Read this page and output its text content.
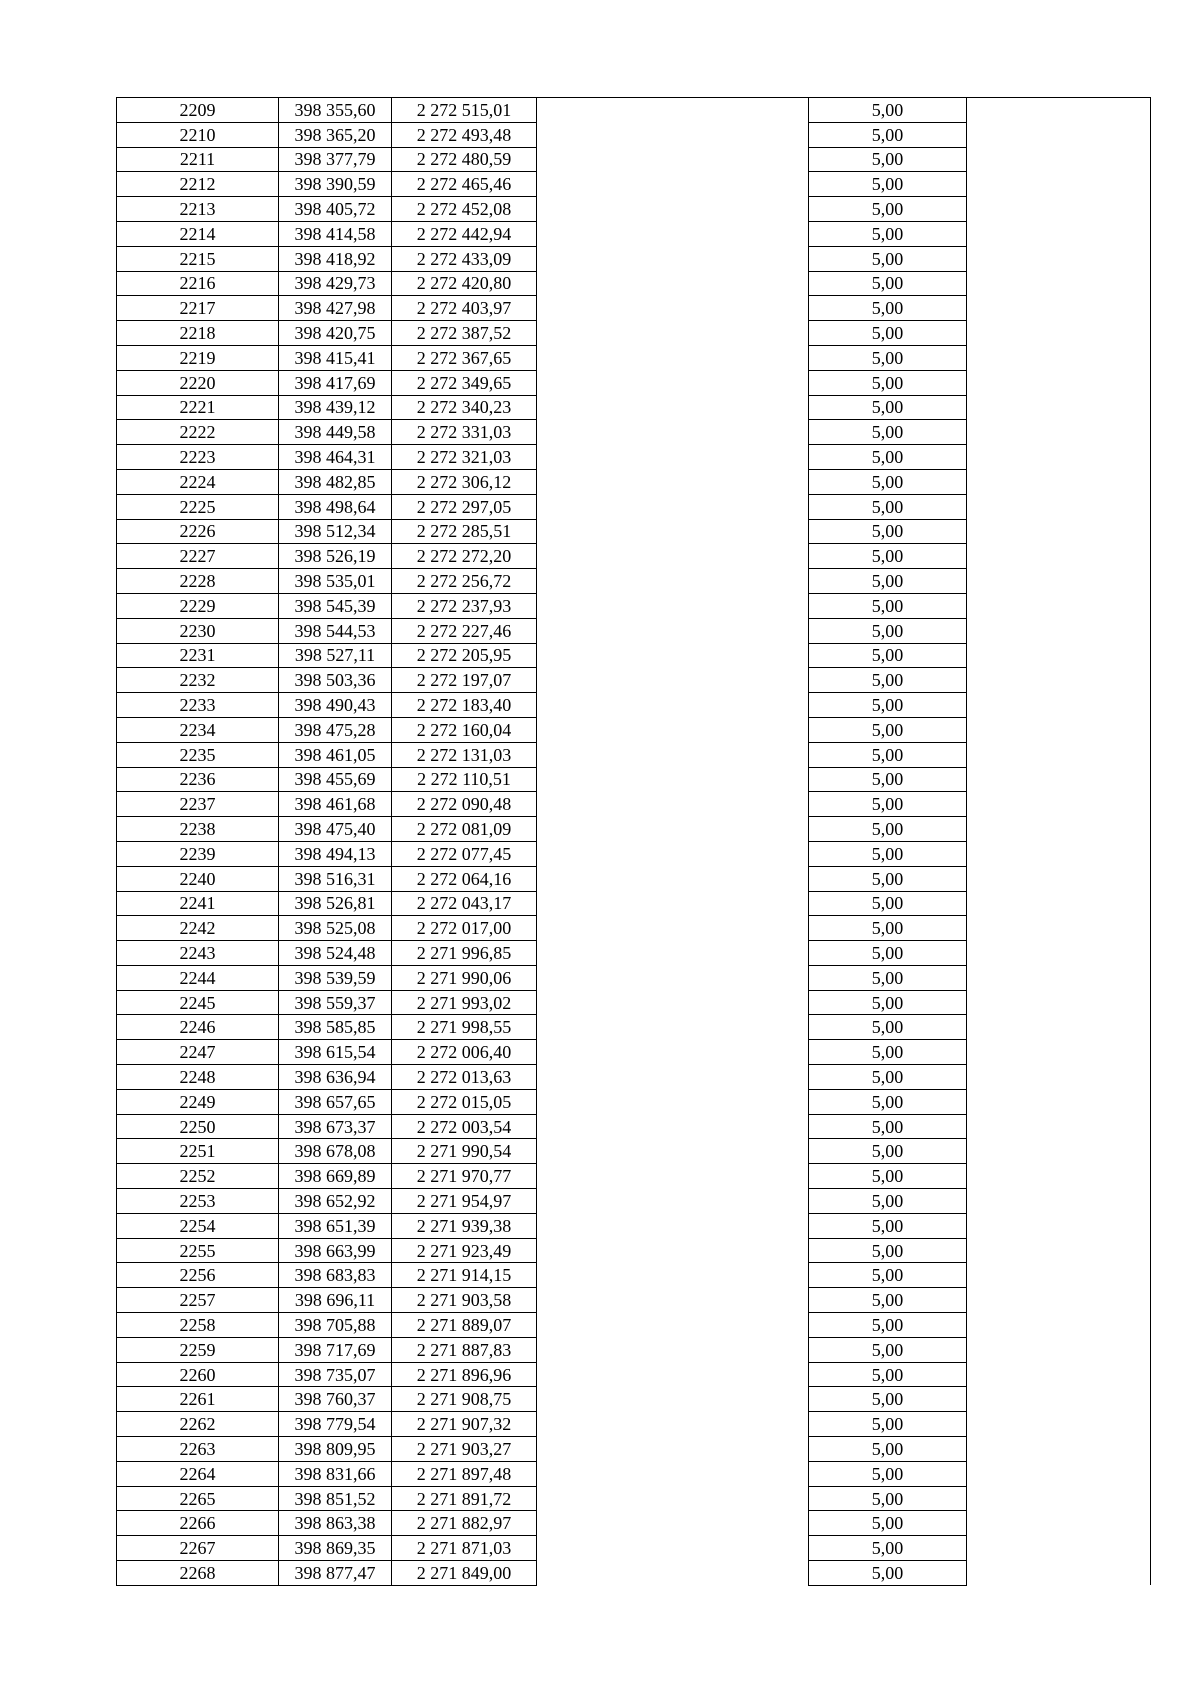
2209	398 355,60	2 272 515,01		5,00	
2210	398 365,20	2 272 493,48		5,00	
2211	398 377,79	2 272 480,59		5,00	
2212	398 390,59	2 272 465,46		5,00	
2213	398 405,72	2 272 452,08		5,00	
2214	398 414,58	2 272 442,94		5,00	
2215	398 418,92	2 272 433,09		5,00	
2216	398 429,73	2 272 420,80		5,00	
2217	398 427,98	2 272 403,97		5,00	
2218	398 420,75	2 272 387,52		5,00	
2219	398 415,41	2 272 367,65		5,00	
2220	398 417,69	2 272 349,65		5,00	
2221	398 439,12	2 272 340,23		5,00	
2222	398 449,58	2 272 331,03		5,00	
2223	398 464,31	2 272 321,03		5,00	
2224	398 482,85	2 272 306,12		5,00	
2225	398 498,64	2 272 297,05		5,00	
2226	398 512,34	2 272 285,51		5,00	
2227	398 526,19	2 272 272,20		5,00	
2228	398 535,01	2 272 256,72		5,00	
2229	398 545,39	2 272 237,93		5,00	
2230	398 544,53	2 272 227,46		5,00	
2231	398 527,11	2 272 205,95		5,00	
2232	398 503,36	2 272 197,07		5,00	
2233	398 490,43	2 272 183,40		5,00	
2234	398 475,28	2 272 160,04		5,00	
2235	398 461,05	2 272 131,03		5,00	
2236	398 455,69	2 272 110,51		5,00	
2237	398 461,68	2 272 090,48		5,00	
2238	398 475,40	2 272 081,09		5,00	
2239	398 494,13	2 272 077,45		5,00	
2240	398 516,31	2 272 064,16		5,00	
2241	398 526,81	2 272 043,17		5,00	
2242	398 525,08	2 272 017,00		5,00	
2243	398 524,48	2 271 996,85		5,00	
2244	398 539,59	2 271 990,06		5,00	
2245	398 559,37	2 271 993,02		5,00	
2246	398 585,85	2 271 998,55		5,00	
2247	398 615,54	2 272 006,40		5,00	
2248	398 636,94	2 272 013,63		5,00	
2249	398 657,65	2 272 015,05		5,00	
2250	398 673,37	2 272 003,54		5,00	
2251	398 678,08	2 271 990,54		5,00	
2252	398 669,89	2 271 970,77		5,00	
2253	398 652,92	2 271 954,97		5,00	
2254	398 651,39	2 271 939,38		5,00	
2255	398 663,99	2 271 923,49		5,00	
2256	398 683,83	2 271 914,15		5,00	
2257	398 696,11	2 271 903,58		5,00	
2258	398 705,88	2 271 889,07		5,00	
2259	398 717,69	2 271 887,83		5,00	
2260	398 735,07	2 271 896,96		5,00	
2261	398 760,37	2 271 908,75		5,00	
2262	398 779,54	2 271 907,32		5,00	
2263	398 809,95	2 271 903,27		5,00	
2264	398 831,66	2 271 897,48		5,00	
2265	398 851,52	2 271 891,72		5,00	
2266	398 863,38	2 271 882,97		5,00	
2267	398 869,35	2 271 871,03		5,00	
2268	398 877,47	2 271 849,00		5,00	
